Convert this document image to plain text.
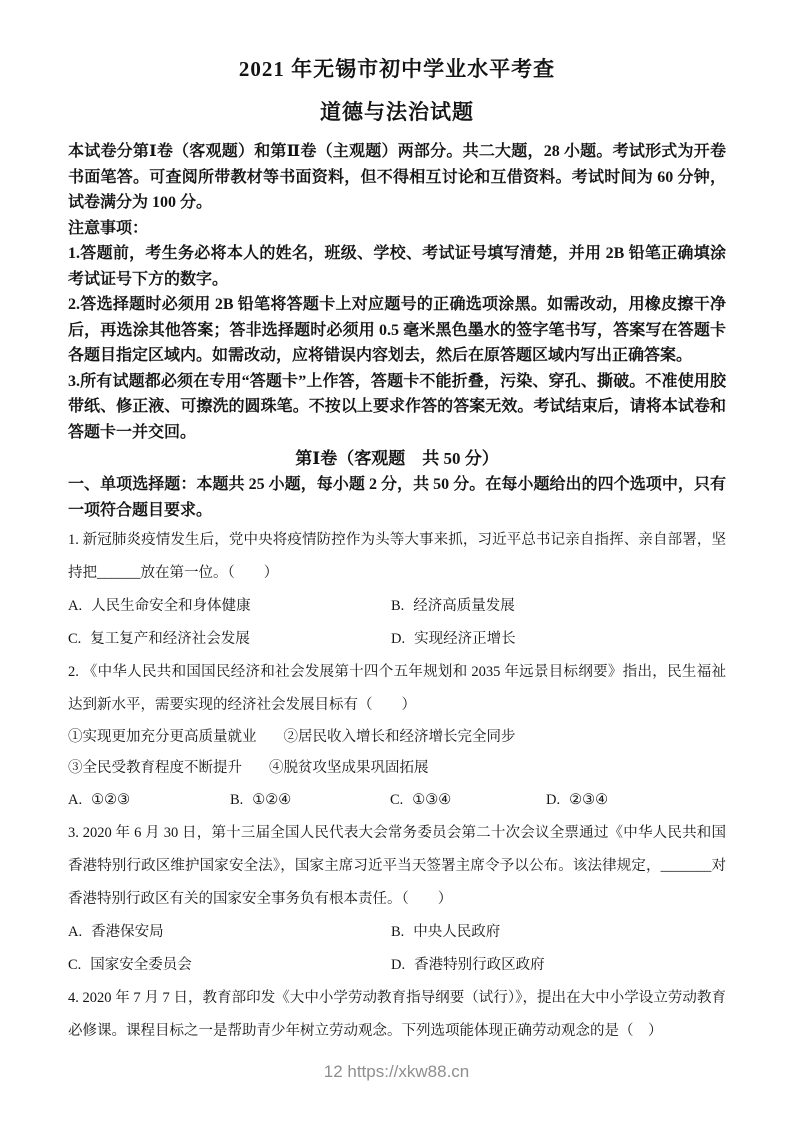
2021 年无锡市初中学业水平考查
道德与法治试题

本试卷分第Ⅰ卷（客观题）和第Ⅱ卷（主观题）两部分。共二大题，28 小题。考试形式为开卷书面笔答。可查阅所带教材等书面资料，但不得相互讨论和互借资料。考试时间为 60 分钟，试卷满分为 100 分。

注意事项：

1.答题前，考生务必将本人的姓名，班级、学校、考试证号填写清楚，并用 2B 铅笔正确填涂考试证号下方的数字。

2.答选择题时必须用 2B 铅笔将答题卡上对应题号的正确选项涂黑。如需改动，用橡皮擦干净后，再选涂其他答案；答非选择题时必须用 0.5 毫米黑色墨水的签字笔书写，答案写在答题卡各题目指定区域内。如需改动，应将错误内容划去，然后在原答题区域内写出正确答案。

3.所有试题都必须在专用“答题卡”上作答，答题卡不能折叠，污染、穿孔、撕破。不准使用胶带纸、修正液、可擦洗的圆珠笔。不按以上要求作答的答案无效。考试结束后，请将本试卷和答题卡一并交回。

第Ⅰ卷（客观题　共 50 分）

一、单项选择题：本题共 25 小题，每小题 2 分，共 50 分。在每小题给出的四个选项中，只有一项符合题目要求。

1. 新冠肺炎疫情发生后，党中央将疫情防控作为头等大事来抓，习近平总书记亲自指挥、亲自部署，坚持把______放在第一位。（　　）

A. 人民生命安全和身体健康	B. 经济高质量发展
C. 复工复产和经济社会发展	D. 实现经济正增长

2. 《中华人民共和国国民经济和社会发展第十四个五年规划和 2035 年远景目标纲要》指出，民生福祉达到新水平，需要实现的经济社会发展目标有（　　）

①实现更加充分更高质量就业 ②居民收入增长和经济增长完全同步
③全民受教育程度不断提升 ④脱贫攻坚成果巩固拓展
A. ①②③	B. ①②④	C. ①③④	D. ②③④

3. 2020 年 6 月 30 日，第十三届全国人民代表大会常务委员会第二十次会议全票通过《中华人民共和国香港特别行政区维护国家安全法》，国家主席习近平当天签署主席令予以公布。该法律规定，_______对香港特别行政区有关的国家安全事务负有根本责任。（　　）

A. 香港保安局	B. 中央人民政府
C. 国家安全委员会	D. 香港特别行政区政府

4. 2020 年 7 月 7 日，教育部印发《大中小学劳动教育指导纲要（试行）》，提出在大中小学设立劳动教育必修课。课程目标之一是帮助青少年树立劳动观念。下列选项能体现正确劳动观念的是（　）

12 https://xkw88.cn
